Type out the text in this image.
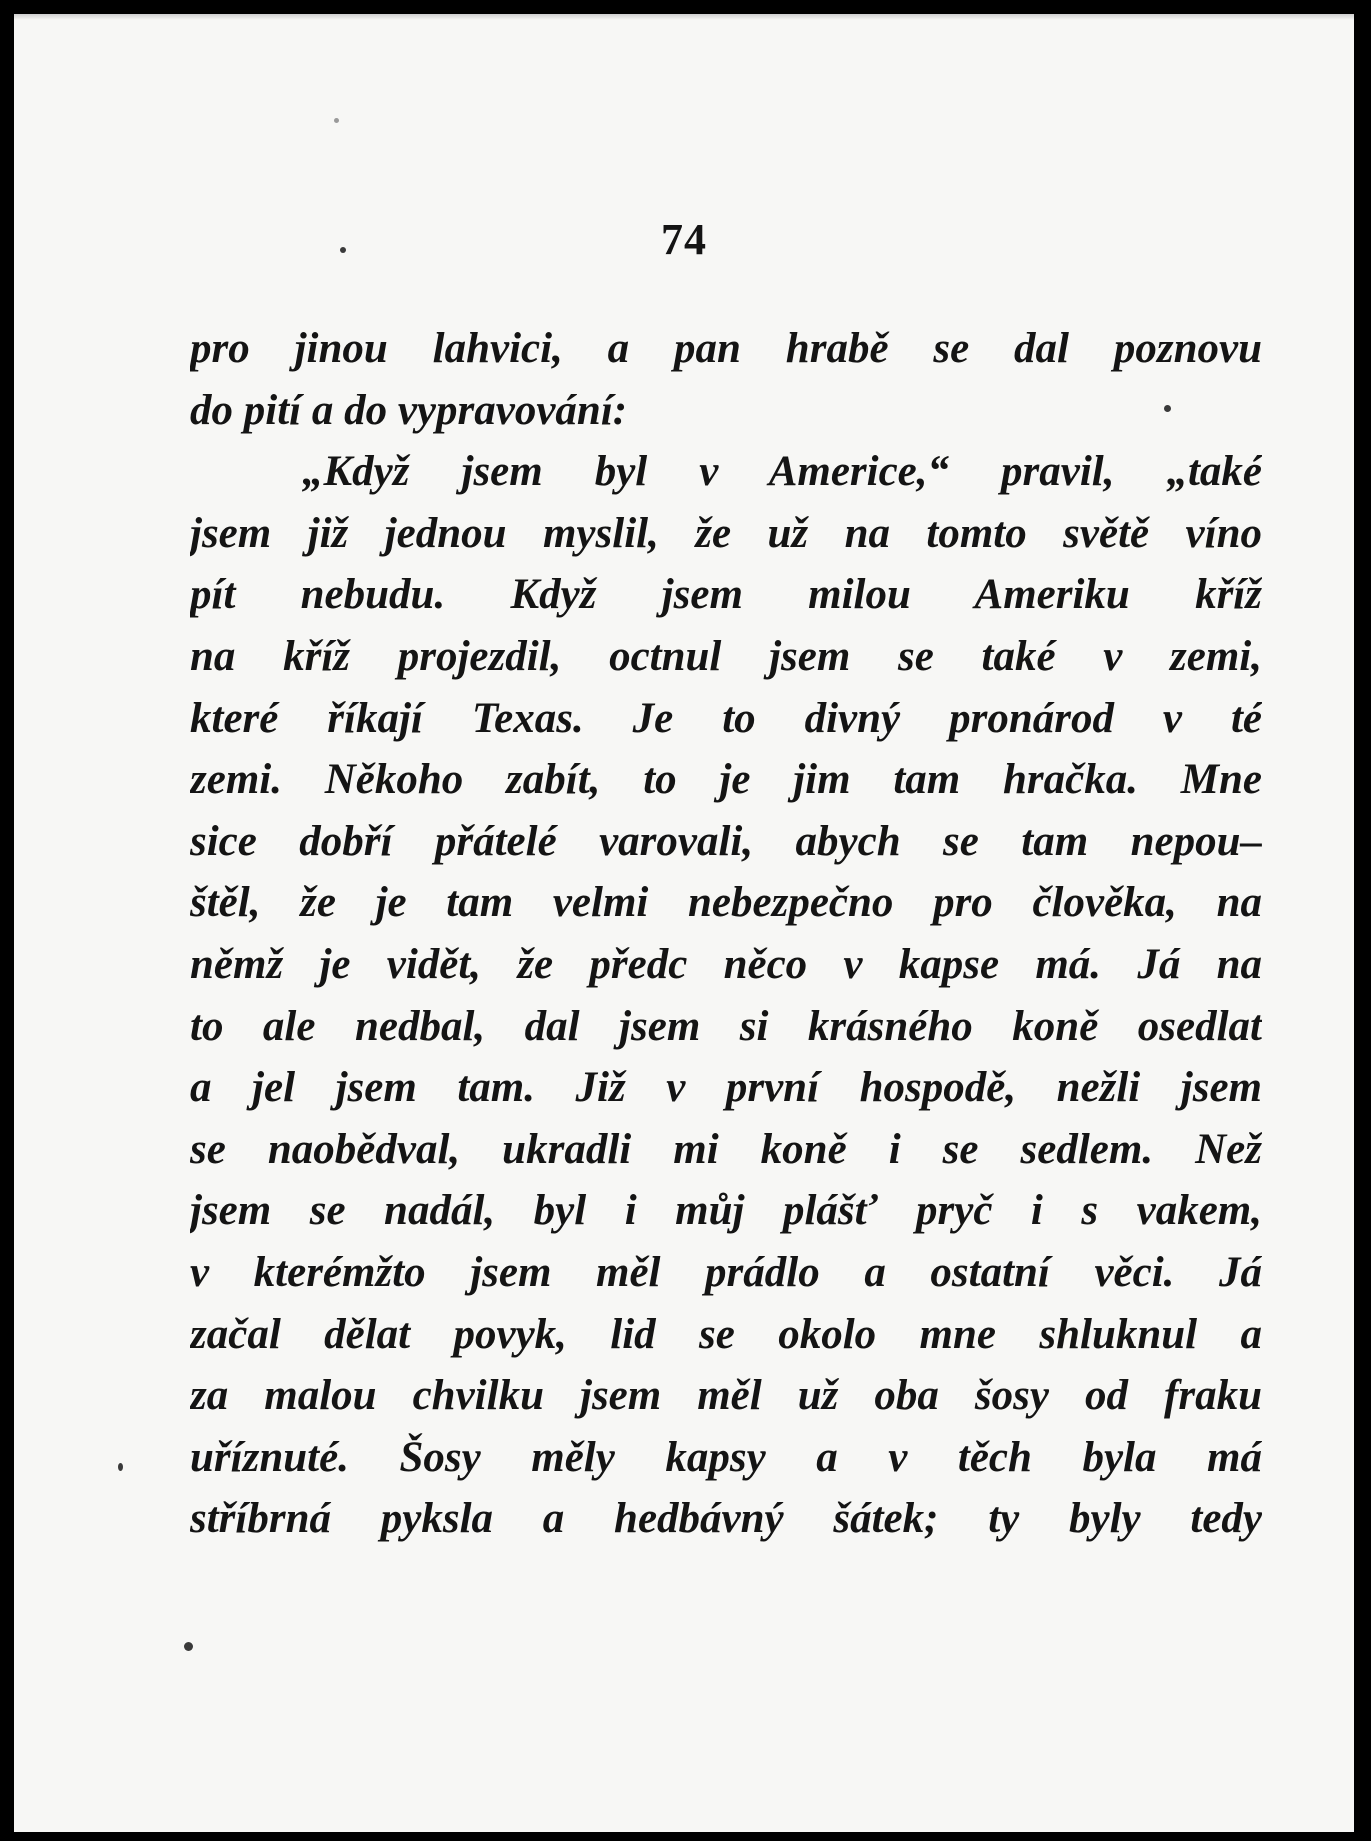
74
pro jinou lahvici, a pan hrabě se dal poznovu
do pití a do vypravování:
„Když jsem byl v Americe,“ pravil, „také
jsem již jednou myslil, že už na tomto světě víno
pít nebudu. Když jsem milou Ameriku kříž
na kříž projezdil, octnul jsem se také v zemi,
které říkají Texas. Je to divný pronárod v té
zemi. Někoho zabít, to je jim tam hračka. Mne
sice dobří přátelé varovali, abych se tam nepou–
štěl, že je tam velmi nebezpečno pro člověka, na
němž je vidět, že předc něco v kapse má. Já na
to ale nedbal, dal jsem si krásného koně osedlat
a jel jsem tam. Již v první hospodě, nežli jsem
se naobědval, ukradli mi koně i se sedlem. Než
jsem se nadál, byl i můj plášť pryč i s vakem,
v kterémžto jsem měl prádlo a ostatní věci. Já
začal dělat povyk, lid se okolo mne shluknul a
za malou chvilku jsem měl už oba šosy od fraku
uříznuté. Šosy měly kapsy a v těch byla má
stříbrná pyksla a hedbávný šátek; ty byly tedy
